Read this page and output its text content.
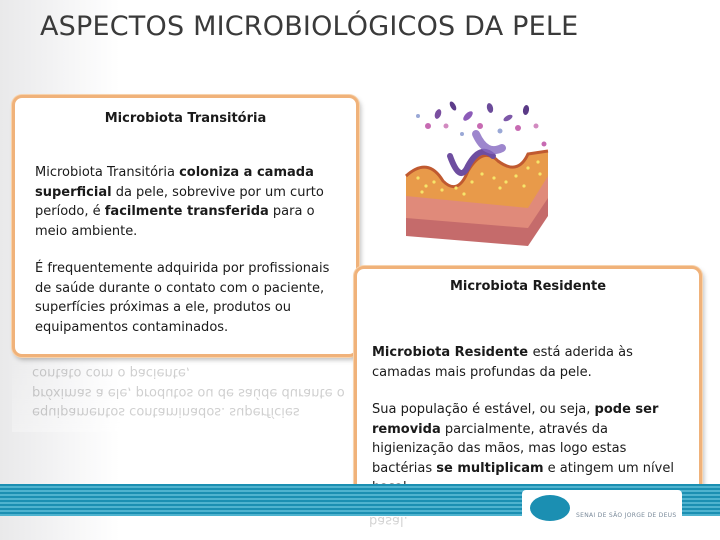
ASPECTOS MICROBIOLÓGICOS DA PELE
Microbiota Transitória

Microbiota Transitória coloniza a camada superficial da pele, sobrevive por um curto período, é facilmente transferida para o meio ambiente.

É frequentemente adquirida por profissionais de saúde durante o contato com o paciente, superfícies próximas a ele, produtos ou equipamentos contaminados.

equipamentos contaminados. superfícies próximas a ele, produtos ou de saúde durante o contato com o paciente,
Microbiota Residente

Microbiota Residente está aderida às camadas mais profundas da pele.

Sua população é estável, ou seja, pode ser removida parcialmente, através da higienização das mãos, mas logo estas bactérias se multiplicam e atingem um nível

SENAI DE SÃO JORGE DE DEUS
basal.
